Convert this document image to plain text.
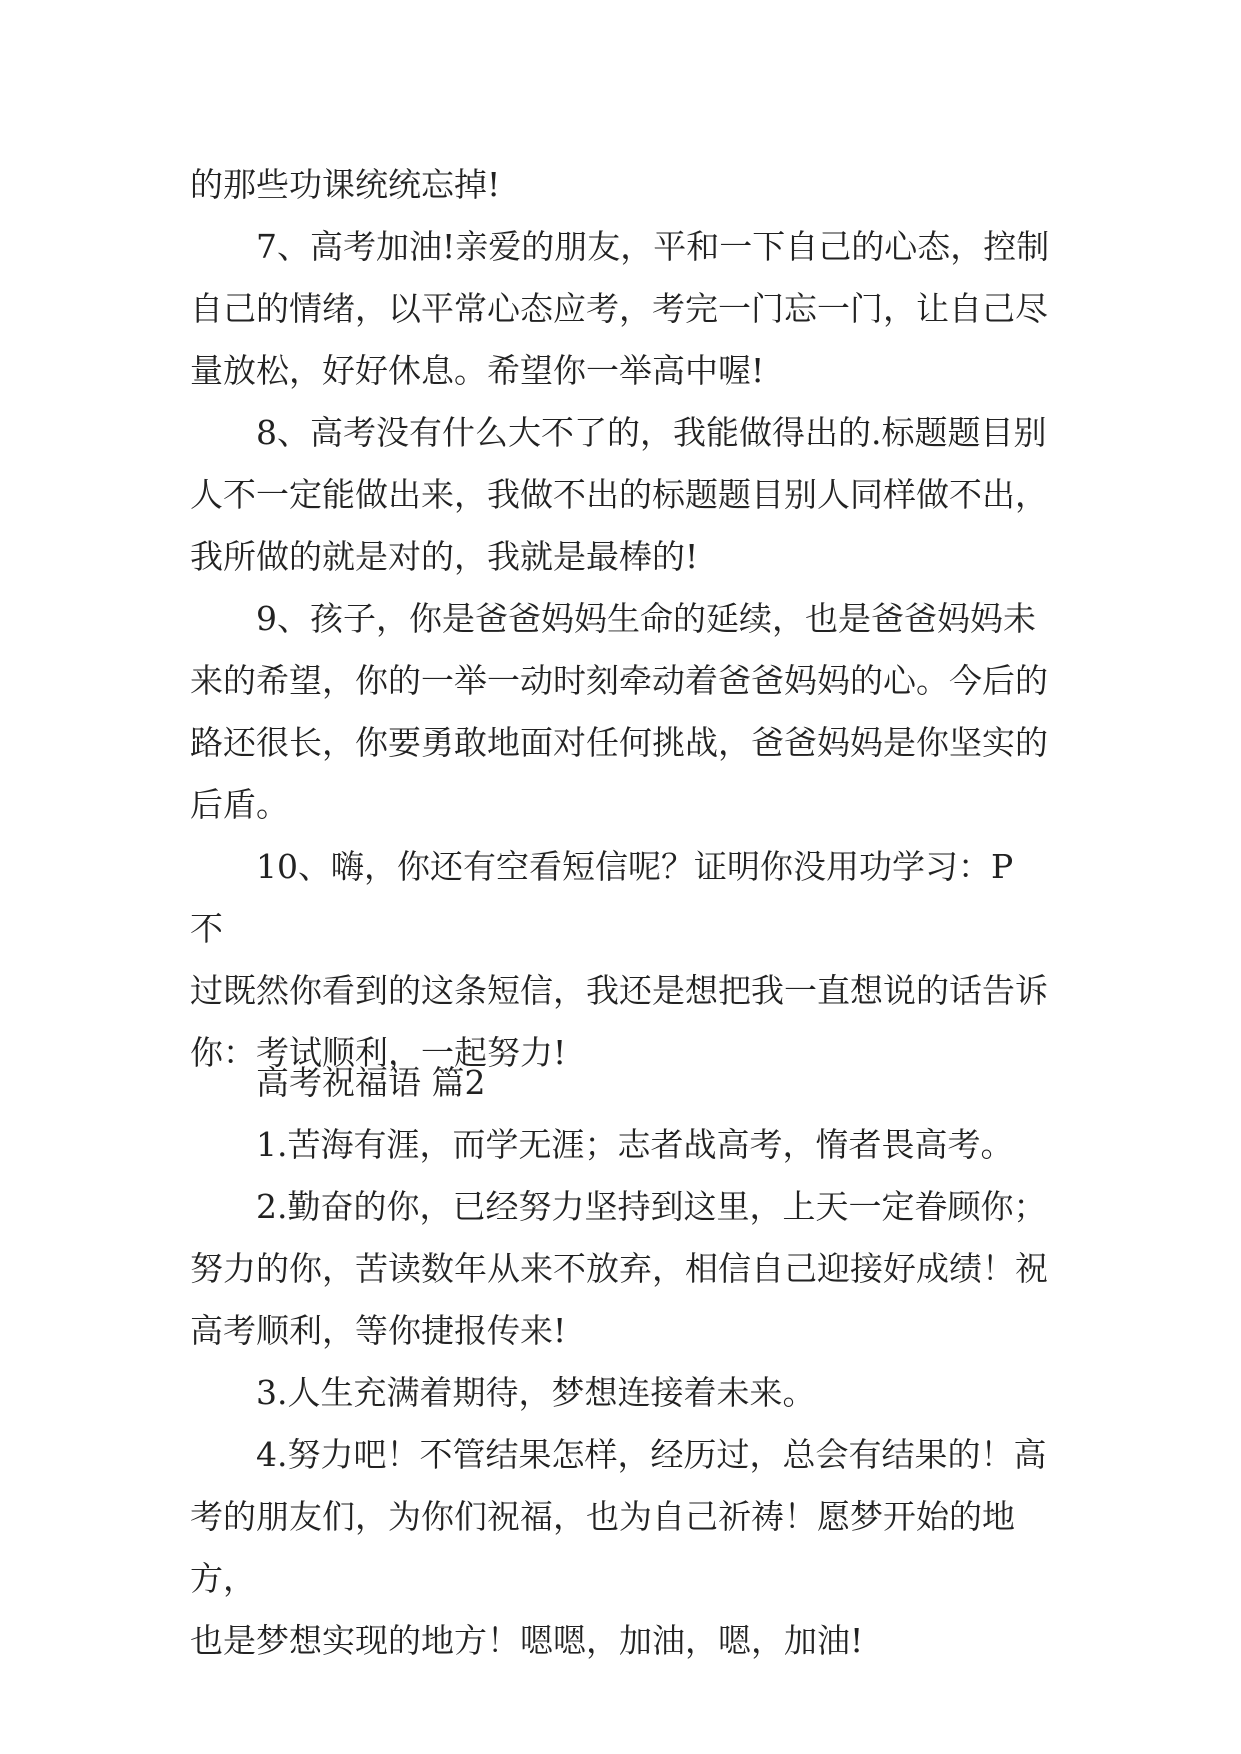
的那些功课统统忘掉!
　　7、高考加油!亲爱的朋友，平和一下自己的心态，控制
自己的情绪，以平常心态应考，考完一门忘一门，让自己尽
量放松，好好休息。希望你一举高中喔!
　　8、高考没有什么大不了的，我能做得出的.标题题目别
人不一定能做出来，我做不出的标题题目别人同样做不出，
我所做的就是对的，我就是最棒的!
　　9、孩子，你是爸爸妈妈生命的延续，也是爸爸妈妈未
来的希望，你的一举一动时刻牵动着爸爸妈妈的心。今后的
路还很长，你要勇敢地面对任何挑战，爸爸妈妈是你坚实的
后盾。
　　10、嗨，你还有空看短信呢？证明你没用功学习：P 不
过既然你看到的这条短信，我还是想把我一直想说的话告诉
你：考试顺利，一起努力!
　　高考祝福语 篇2
　　1.苦海有涯，而学无涯；志者战高考，惰者畏高考。
　　2.勤奋的你，已经努力坚持到这里，上天一定眷顾你；
努力的你，苦读数年从来不放弃，相信自己迎接好成绩！祝
高考顺利，等你捷报传来!
　　3.人生充满着期待，梦想连接着未来。
　　4.努力吧！不管结果怎样，经历过，总会有结果的！高
考的朋友们，为你们祝福，也为自己祈祷！愿梦开始的地方，
也是梦想实现的地方！嗯嗯，加油，嗯，加油!
